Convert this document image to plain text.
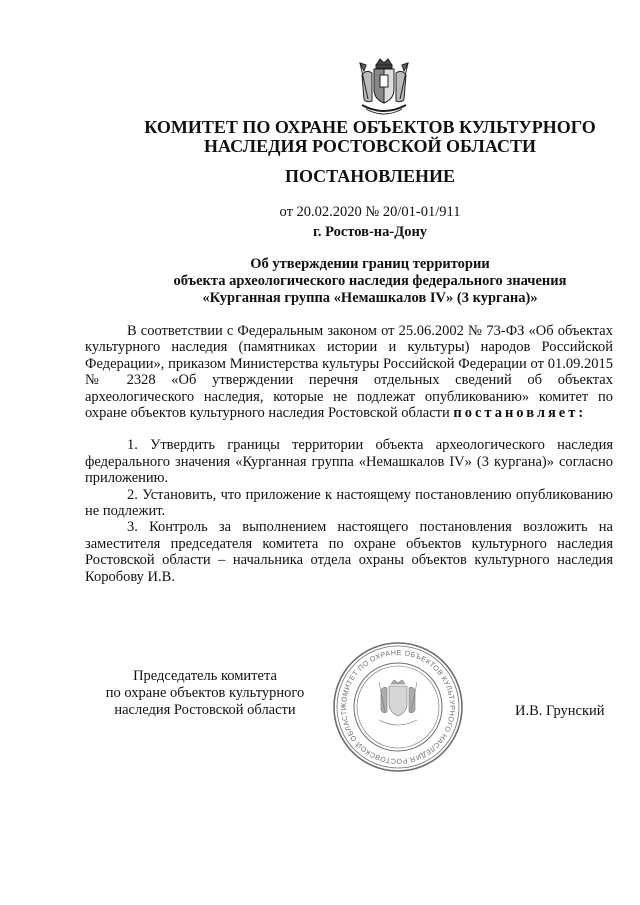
КОМИТЕТ ПО ОХРАНЕ ОБЪЕКТОВ КУЛЬТУРНОГО
НАСЛЕДИЯ РОСТОВСКОЙ ОБЛАСТИ
ПОСТАНОВЛЕНИЕ
от 20.02.2020 № 20/01-01/911
г. Ростов-на-Дону
Об утверждении границ территории
объекта археологического наследия федерального значения
«Курганная группа «Немашкалов IV» (3 кургана)»

В соответствии с Федеральным законом от 25.06.2002 № 73-ФЗ «Об объектах культурного наследия (памятниках истории и культуры) народов Российской Федерации», приказом Министерства культуры Российской Федерации от 01.09.2015 № 2328 «Об утверждении перечня отдельных сведений об объектах археологического наследия, которые не подлежат опубликованию» комитет по охране объектов культурного наследия Ростовской области постановляет:

1. Утвердить границы территории объекта археологического наследия федерального значения «Курганная группа «Немашкалов IV» (3 кургана)» согласно приложению.

2. Установить, что приложение к настоящему постановлению опубликованию не подлежит.

3. Контроль за выполнением настоящего постановления возложить на заместителя председателя комитета по охране объектов культурного наследия Ростовской области – начальника отдела охраны объектов культурного наследия Коробову И.В.

Председатель комитета
по охране объектов культурного
наследия Ростовской области	КОМИТЕТ ПО ОХРАНЕ ОБЪЕКТОВ КУЛЬТУРНОГО НАСЛЕДИЯ РОСТОВСКОЙ ОБЛАСТИ	И.В. Грунский
